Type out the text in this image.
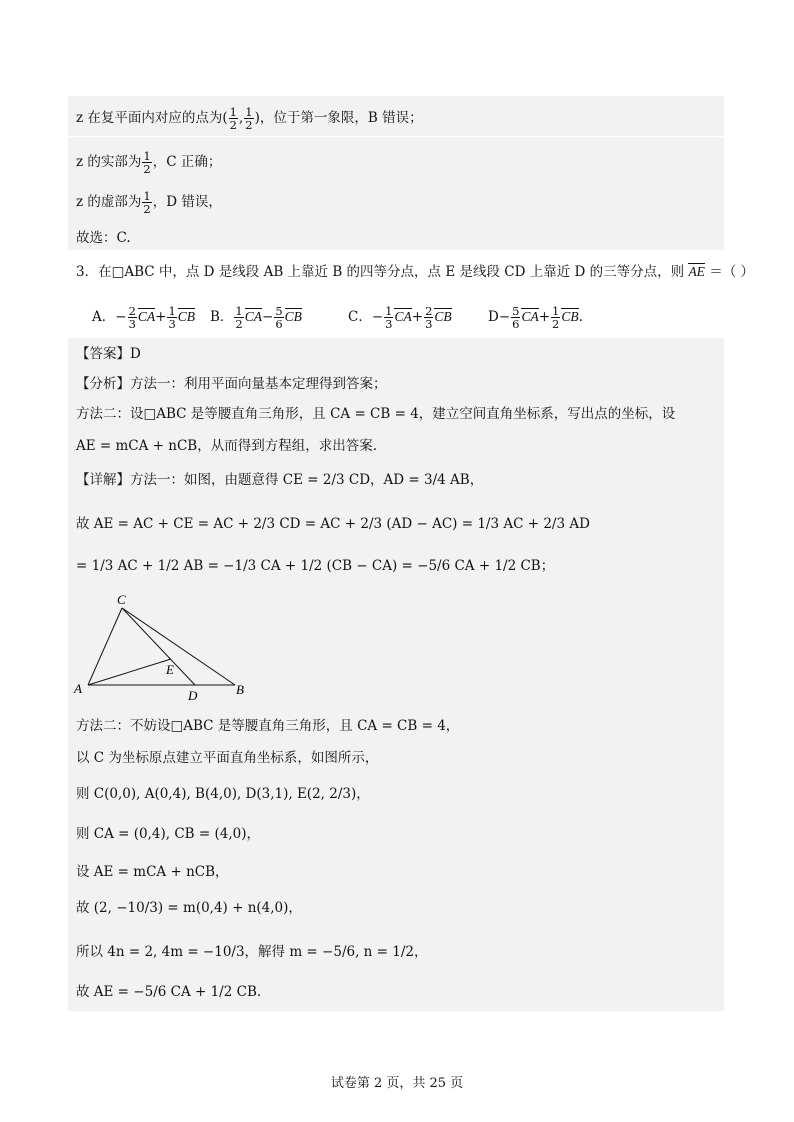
z 在复平面内对应的点为( $\frac{1}{2}$ , $\frac{1}{2}$ )，位于第一象限，B 错误；
z 的实部为 $\frac{1}{2}$ ，C 正确；
z 的虚部为 $\frac{1}{2}$ ，D 错误，
故选：C.
3．在□ABC 中，点 D 是线段 AB 上靠近 B 的四等分点，点 E 是线段 CD 上靠近 D 的三等分点，则 AE ＝（ ）
A．− $\frac{2}{3} CA+ \frac{1}{3}$ CB B． $\frac{1}{2} CA- \frac{5}{6}$ CB	C．− $\frac{1}{3} CA+ \frac{2}{3}$ CB	$D- \frac{5}{6} CA+ \frac{1}{2}$ CB.
【答案】D
【分析】方法一：利用平面向量基本定理得到答案；
方法二：设□ABC 是等腰直角三角形，且 CA = CB = 4，建立空间直角坐标系，写出点的坐标，设
AE = mCA + nCB，从而得到方程组，求出答案.
【详解】方法一：如图，由题意得 CE = 2/3 CD，AD = 3/4 AB，
故 AE = AC + CE = AC + 2/3 CD = AC + 2/3 (AD − AC) = 1/3 AC + 2/3 AD
= 1/3 AC + 1/2 AB = −1/3 CA + 1/2 (CB − CA) = −5/6 CA + 1/2 CB；
C
E
A	D	B
方法二：不妨设□ABC 是等腰直角三角形，且 CA = CB = 4，
以 C 为坐标原点建立平面直角坐标系，如图所示，
则 C(0,0), A(0,4), B(4,0), D(3,1), E(2, 2/3)，
则 CA = (0,4), CB = (4,0)，
设 AE = mCA + nCB，
故 (2, −10/3) = m(0,4) + n(4,0)，
所以 4n = 2, 4m = −10/3，解得 m = −5/6, n = 1/2，
故 AE = −5/6 CA + 1/2 CB.
试卷第 2 页，共 25 页
